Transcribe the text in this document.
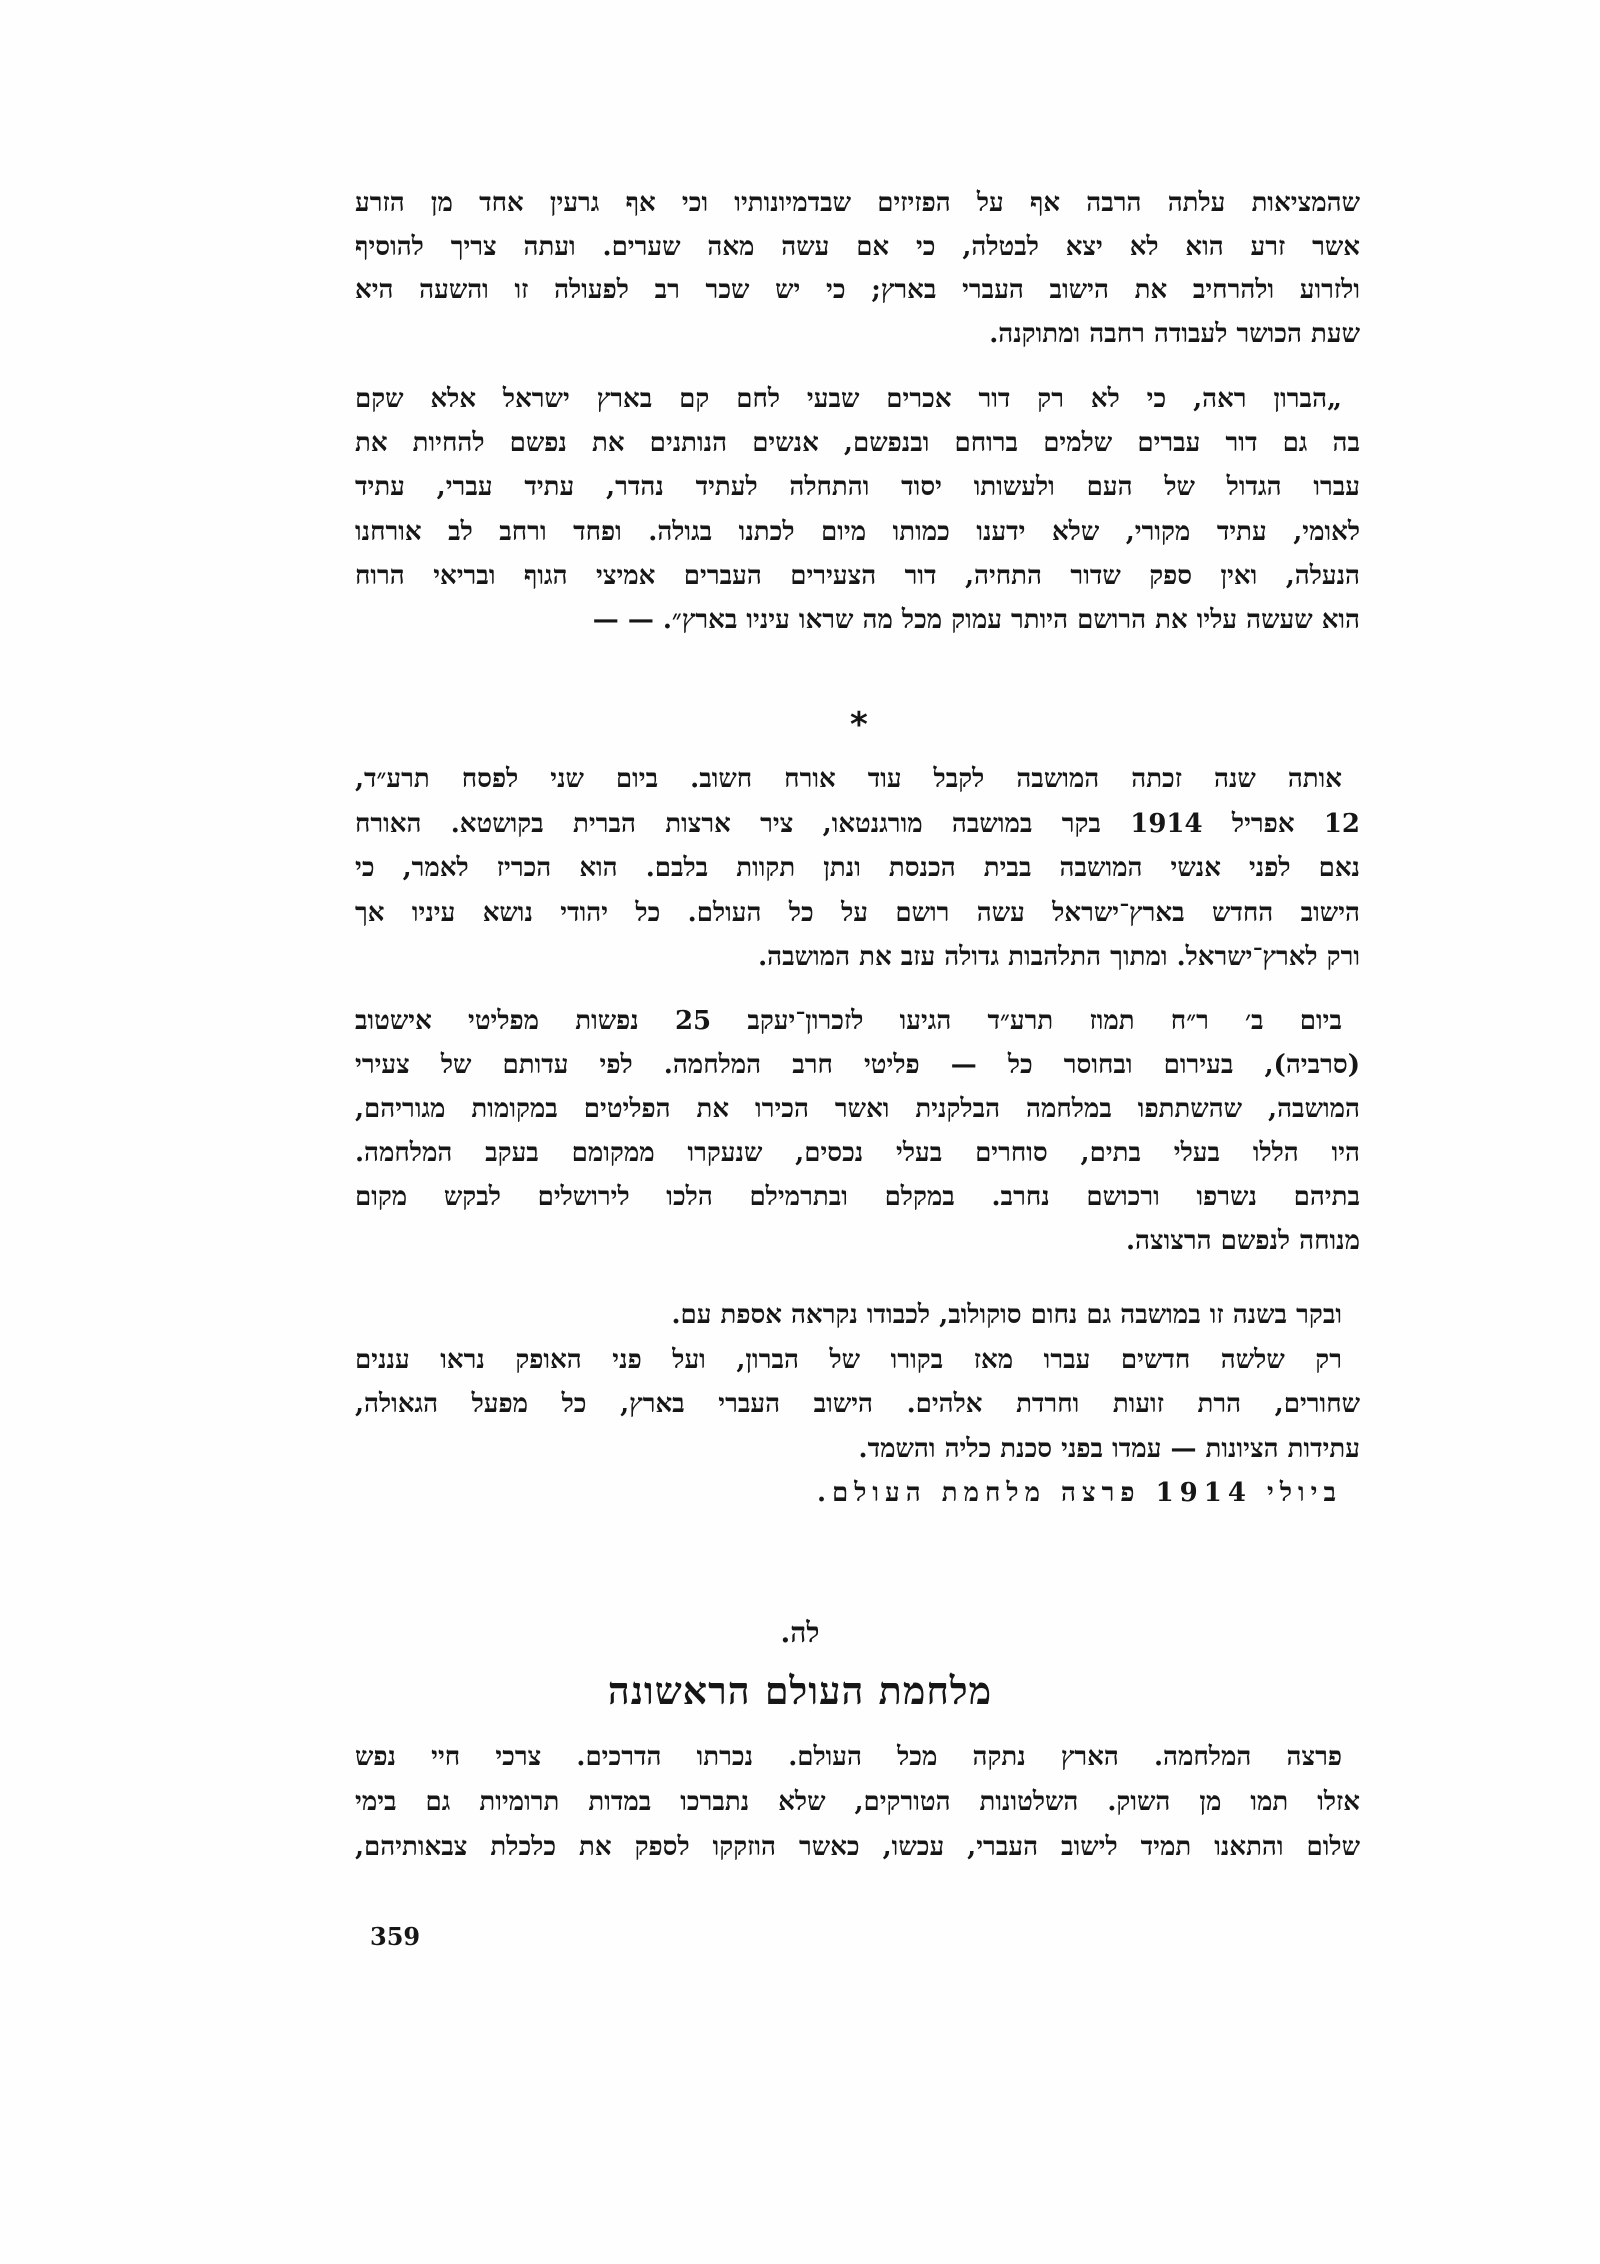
שהמציאות עלתה הרבה אף על הפזיזים שבדמיונותיו וכי אף גרעין אחד מן הזרע
אשר זרע הוא לא יצא לבטלה, כי אם עשה מאה שערים. ועתה צריך להוסיף
ולזרוע ולהרחיב את הישוב העברי בארץ; כי יש שכר רב לפעולה זו והשעה היא
שעת הכושר לעבודה רחבה ומתוקנה.
„הברון ראה, כי לא רק דור אכרים שבעי לחם קם בארץ ישראל אלא שקם
בה גם דור עברים שלמים ברוחם ובנפשם, אנשים הנותנים את נפשם להחיות את
עברו הגדול של העם ולעשותו יסוד והתחלה לעתיד נהדר, עתיד עברי, עתיד
לאומי, עתיד מקורי, שלא ידענו כמותו מיום לכתנו בגולה. ופחד ורחב לב אורחנו
הנעלה, ואין ספק שדור התחיה, דור הצעירים העברים אמיצי הגוף ובריאי הרוח
הוא שעשה עליו את הרושם היותר עמוק מכל מה שראו עיניו בארץ״. — —
*
אותה שנה זכתה המושבה לקבל עוד אורח חשוב. ביום שני לפסח תרע״ד,
12 אפריל 1914 בקר במושבה מורגנטאו, ציר ארצות הברית בקושטא. האורח
נאם לפני אנשי המושבה בבית הכנסת ונתן תקוות בלבם. הוא הכריז לאמר, כי
הישוב החדש בארץ־ישראל עשה רושם על כל העולם. כל יהודי נושא עיניו אך
ורק לארץ־ישראל. ומתוך התלהבות גדולה עזב את המושבה.
ביום ב׳ ר״ח תמוז תרע״ד הגיעו לזכרון־יעקב 25 נפשות מפליטי אישטוב
(סרביה), בעירום ובחוסר כל — פליטי חרב המלחמה. לפי עדותם של צעירי
המושבה, שהשתתפו במלחמה הבלקנית ואשר הכירו את הפליטים במקומות מגוריהם,
היו הללו בעלי בתים, סוחרים בעלי נכסים, שנעקרו ממקומם בעקב המלחמה.
בתיהם נשרפו ורכושם נחרב. במקלם ובתרמילם הלכו לירושלים לבקש מקום
מנוחה לנפשם הרצוצה.
ובקר בשנה זו במושבה גם נחום סוקולוב, לכבודו נקראה אספת עם.
רק שלשה חדשים עברו מאז בקורו של הברון, ועל פני האופק נראו עננים
שחורים, הרת זועות וחרדת אלהים. הישוב העברי בארץ, כל מפעל הגאולה,
עתידות הציונות — עמדו בפני סכנת כליה והשמד.
ביולי 1914 פרצה מלחמת העולם.
לה.
מלחמת העולם הראשונה
פרצה המלחמה. הארץ נתקה מכל העולם. נכרתו הדרכים. צרכי חיי נפש
אזלו תמו מן השוק. השלטונות הטורקים, שלא נתברכו במדות תרומיות גם בימי
שלום והתאנו תמיד לישוב העברי, עכשו, כאשר הוזקקו לספק את כלכלת צבאותיהם,
359
